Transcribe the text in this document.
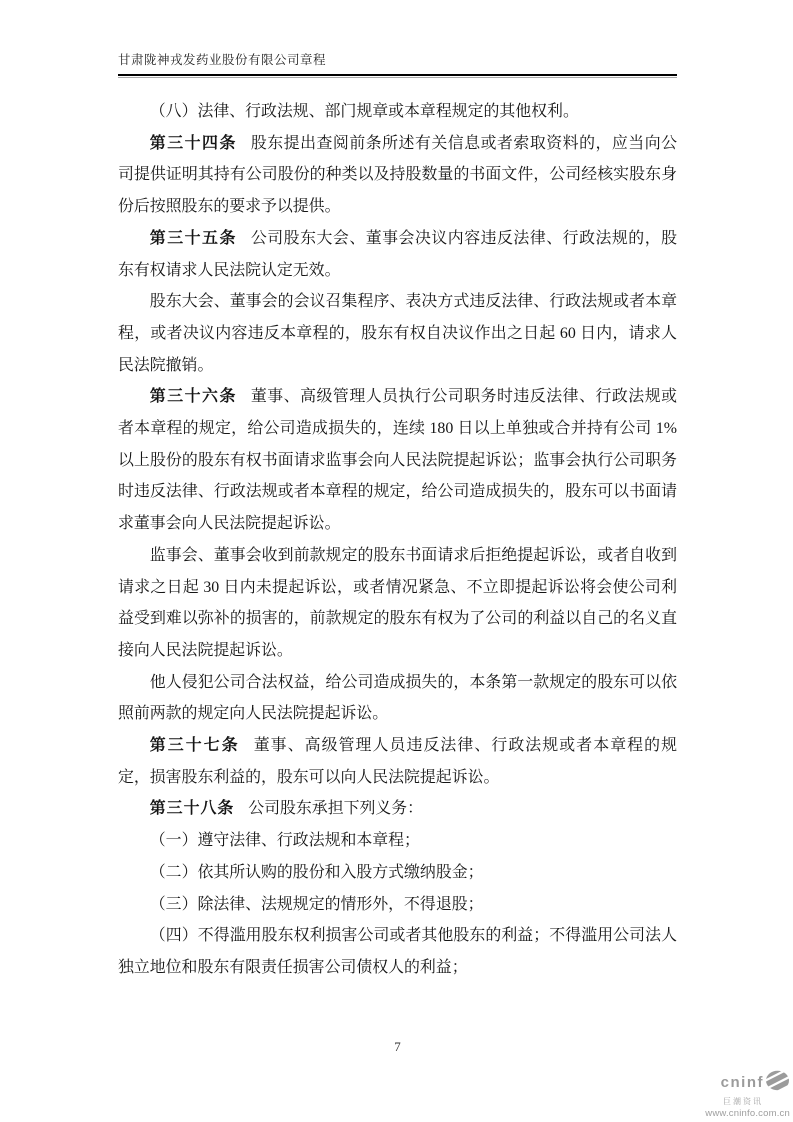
甘肃陇神戎发药业股份有限公司章程

（八）法律、行政法规、部门规章或本章程规定的其他权利。

第三十四条 股东提出查阅前条所述有关信息或者索取资料的，应当向公司提供证明其持有公司股份的种类以及持股数量的书面文件，公司经核实股东身份后按照股东的要求予以提供。

第三十五条 公司股东大会、董事会决议内容违反法律、行政法规的，股东有权请求人民法院认定无效。

股东大会、董事会的会议召集程序、表决方式违反法律、行政法规或者本章程，或者决议内容违反本章程的，股东有权自决议作出之日起 60 日内，请求人民法院撤销。

第三十六条 董事、高级管理人员执行公司职务时违反法律、行政法规或者本章程的规定，给公司造成损失的，连续 180 日以上单独或合并持有公司 1%以上股份的股东有权书面请求监事会向人民法院提起诉讼；监事会执行公司职务时违反法律、行政法规或者本章程的规定，给公司造成损失的，股东可以书面请求董事会向人民法院提起诉讼。

监事会、董事会收到前款规定的股东书面请求后拒绝提起诉讼，或者自收到请求之日起 30 日内未提起诉讼，或者情况紧急、不立即提起诉讼将会使公司利益受到难以弥补的损害的，前款规定的股东有权为了公司的利益以自己的名义直接向人民法院提起诉讼。

他人侵犯公司合法权益，给公司造成损失的，本条第一款规定的股东可以依照前两款的规定向人民法院提起诉讼。

第三十七条 董事、高级管理人员违反法律、行政法规或者本章程的规定，损害股东利益的，股东可以向人民法院提起诉讼。

第三十八条 公司股东承担下列义务：

（一）遵守法律、行政法规和本章程；

（二）依其所认购的股份和入股方式缴纳股金；

（三）除法律、法规规定的情形外，不得退股；

（四）不得滥用股东权利损害公司或者其他股东的利益；不得滥用公司法人独立地位和股东有限责任损害公司债权人的利益；

7
cninf
巨潮资讯
www.cninfo.com.cn
